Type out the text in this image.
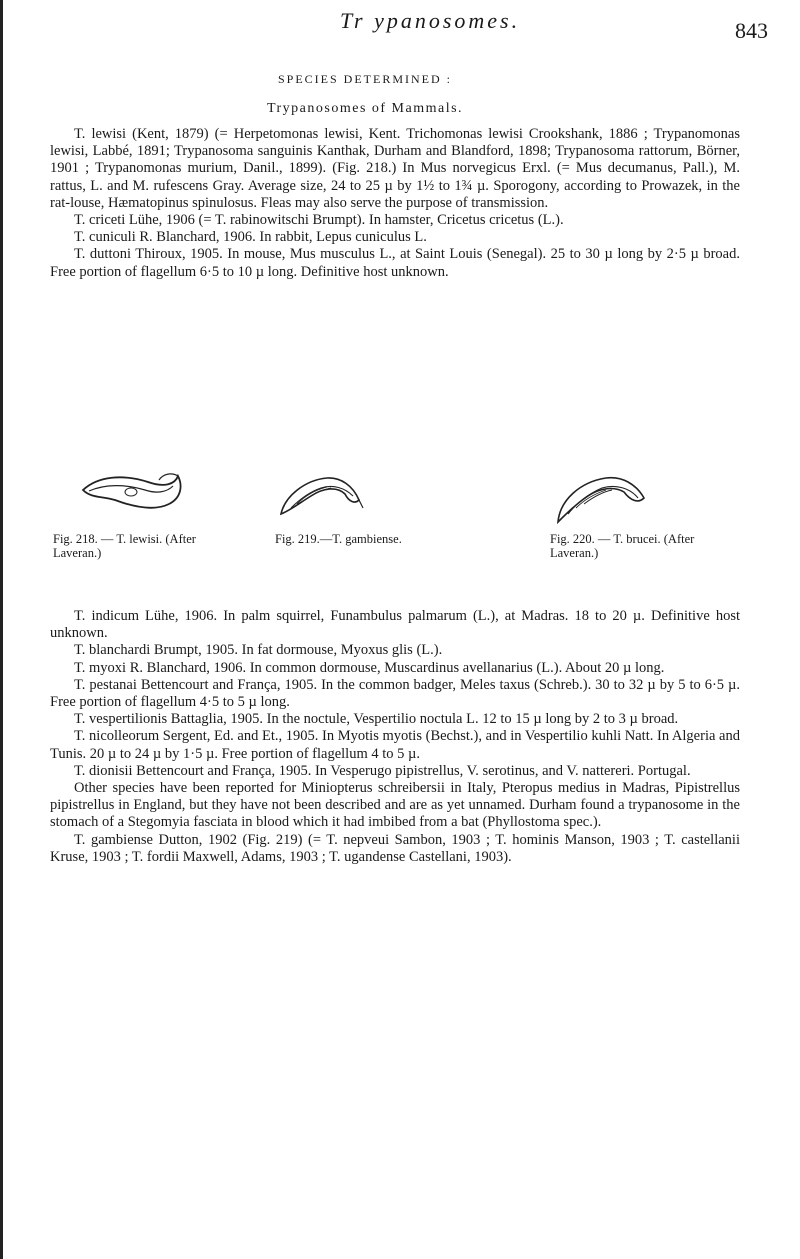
Tr ypanosomes.	843
SPECIES DETERMINED :
Trypanosomes of Mammals.

T. lewisi (Kent, 1879) (= Herpetomonas lewisi, Kent. Trichomonas lewisi Crookshank, 1886 ; Trypanomonas lewisi, Labbé, 1891; Trypanosoma sanguinis Kanthak, Durham and Blandford, 1898; Trypanosoma rattorum, Börner, 1901 ; Trypanomonas murium, Danil., 1899). (Fig. 218.) In Mus norvegicus Erxl. (= Mus decumanus, Pall.), M. rattus, L. and M. rufescens Gray. Average size, 24 to 25 µ by 1½ to 1¾ µ. Sporogony, according to Prowazek, in the rat-louse, Hæmatopinus spinulosus. Fleas may also serve the purpose of transmission.

T. criceti Lühe, 1906 (= T. rabinowitschi Brumpt). In hamster, Cricetus cricetus (L.).

T. cuniculi R. Blanchard, 1906. In rabbit, Lepus cuniculus L.

T. duttoni Thiroux, 1905. In mouse, Mus musculus L., at Saint Louis (Senegal). 25 to 30 µ long by 2·5 µ broad. Free portion of flagellum 6·5 to 10 µ long. Definitive host unknown.

Fig. 218. — T. lewisi. (After Laveran.)
Fig. 219.—T. gambiense.	Fig. 220. — T. brucei. (After Laveran.)

T. indicum Lühe, 1906. In palm squirrel, Funambulus palmarum (L.), at Madras. 18 to 20 µ. Definitive host unknown.

T. blanchardi Brumpt, 1905. In fat dormouse, Myoxus glis (L.).

T. myoxi R. Blanchard, 1906. In common dormouse, Muscardinus avellanarius (L.). About 20 µ long.

T. pestanai Bettencourt and França, 1905. In the common badger, Meles taxus (Schreb.). 30 to 32 µ by 5 to 6·5 µ. Free portion of flagellum 4·5 to 5 µ long.

T. vespertilionis Battaglia, 1905. In the noctule, Vespertilio noctula L. 12 to 15 µ long by 2 to 3 µ broad.

T. nicolleorum Sergent, Ed. and Et., 1905. In Myotis myotis (Bechst.), and in Vespertilio kuhli Natt. In Algeria and Tunis. 20 µ to 24 µ by 1·5 µ. Free portion of flagellum 4 to 5 µ.

T. dionisii Bettencourt and França, 1905. In Vesperugo pipistrellus, V. serotinus, and V. nattereri. Portugal.

Other species have been reported for Miniopterus schreibersii in Italy, Pteropus medius in Madras, Pipistrellus pipistrellus in England, but they have not been described and are as yet unnamed. Durham found a trypanosome in the stomach of a Stegomyia fasciata in blood which it had imbibed from a bat (Phyllostoma spec.).

T. gambiense Dutton, 1902 (Fig. 219) (= T. nepveui Sambon, 1903 ; T. hominis Manson, 1903 ; T. castellanii Kruse, 1903 ; T. fordii Maxwell, Adams, 1903 ; T. ugandense Castellani, 1903).
